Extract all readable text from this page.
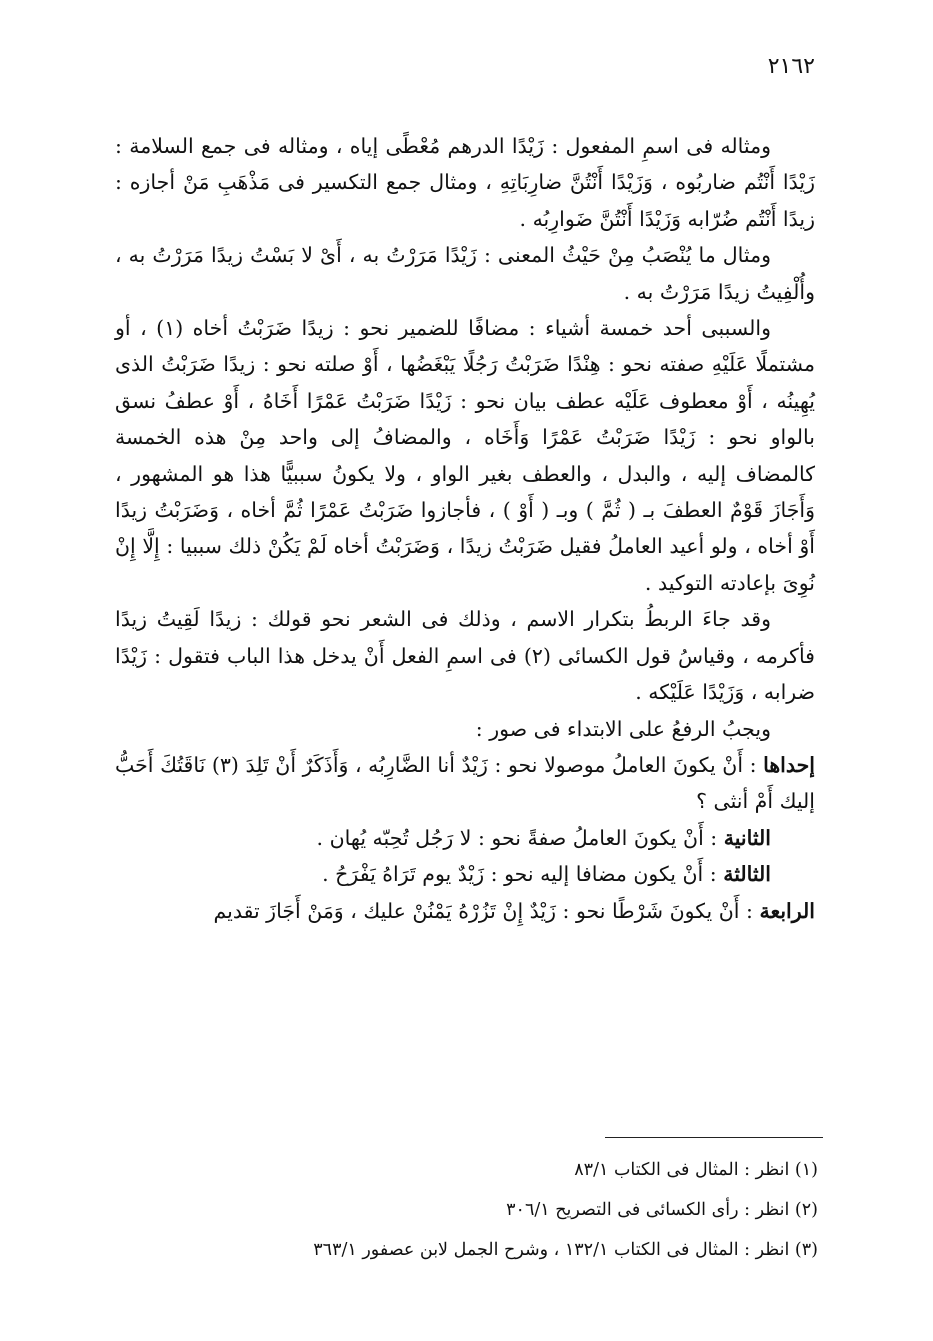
٢١٦٢

ومثاله فى اسمِ المفعول : زَيْدًا الدرهم مُعْطًى إياه ، ومثاله فى جمع السلامة : زَيْدًا أَنْتُم ضاربُوه ، وَزَيْدًا أَنْتُنَّ ضارِبَاتِهِ ، ومثال جمع التكسير فى مَذْهَبِ مَنْ أجازه : زيدًا أَنْتُم ضُرّابه وَزَيْدًا أَنْتُنَّ ضَوارِبُه .

ومثال ما يُنْصَبُ مِنْ حَيْثُ المعنى : زَيْدًا مَرَرْتُ به ، أَىْ لا بَسْتُ زيدًا مَرَرْتُ به ، وأُلْفِيتُ زيدًا مَرَرْتُ به .

والسببى أحد خمسة أشياء : مضافًا للضمير نحو : زيدًا ضَرَبْتُ أخاه (١) ، أو مشتملًا عَلَيْهِ صفته نحو : هِنْدًا ضَرَبْتُ رَجُلًا يَبْغَضُها ، أَوْ صلته نحو : زيدًا ضَرَبْتُ الذى يُهِينُه ، أَوْ معطوف عَلَيْه عطف بيان نحو : زَيْدًا ضَرَبْتُ عَمْرًا أَخَاهُ ، أَوْ عطفُ نسق بالواو نحو : زَيْدًا ضَرَبْتُ عَمْرًا وَأَخَاه ، والمضافُ إلى واحد مِنْ هذه الخمسة كالمضاف إليه ، والبدل ، والعطف بغير الواو ، ولا يكونُ سببيًّا هذا هو المشهور ، وَأَجَازَ قَوْمٌ العطفَ بـ ( ثُمَّ ) وبـ ( أَوْ ) ، فأجازوا ضَرَبْتُ عَمْرًا ثُمَّ أخاه ، وَضَرَبْتُ زيدًا أَوْ أخاه ، ولو أعيد العاملُ فقيل ضَرَبْتُ زيدًا ، وَضَرَبْتُ أخاه لَمْ يَكُنْ ذلك سببيا : إِلَّا إِنْ نُوِىَ بإعادته التوكيد .

وقد جاءَ الربطُ بتكرار الاسم ، وذلك فى الشعر نحو قولك : زيدًا لَقِيتُ زيدًا فأكرمه ، وقياسُ قول الكسائى (٢) فى اسمِ الفعل أَنْ يدخل هذا الباب فتقول : زَيْدًا ضرابه ، وَزَيْدًا عَلَيْكه .

ويجبُ الرفعُ على الابتداء فى صور :

إحداها : أَنْ يكونَ العاملُ موصولا نحو : زَيْدٌ أنا الضَّارِبُه ، وَأَذَكَرٌ أَنْ تَلِدَ (٣) نَاقَتُكَ أَحَبُّ إليك أَمْ أنثى ؟

الثانية : أَنْ يكونَ العاملُ صفةً نحو : لا رَجُل تُحِبّه يُهان .

الثالثة : أَنْ يكون مضافا إليه نحو : زَيْدٌ يوم تَرَاهُ يَفْرَحُ .

الرابعة : أَنْ يكونَ شَرْطًا نحو : زَيْدٌ إِنْ تَزُرْهُ يَمْنُنْ عليك ، وَمَنْ أَجَازَ تقديم

(١) انظر : المثال فى الكتاب ٨٣/١

(٢) انظر : رأى الكسائى فى التصريح ٣٠٦/١

(٣) انظر : المثال فى الكتاب ١٣٢/١ ، وشرح الجمل لابن عصفور ٣٦٣/١
